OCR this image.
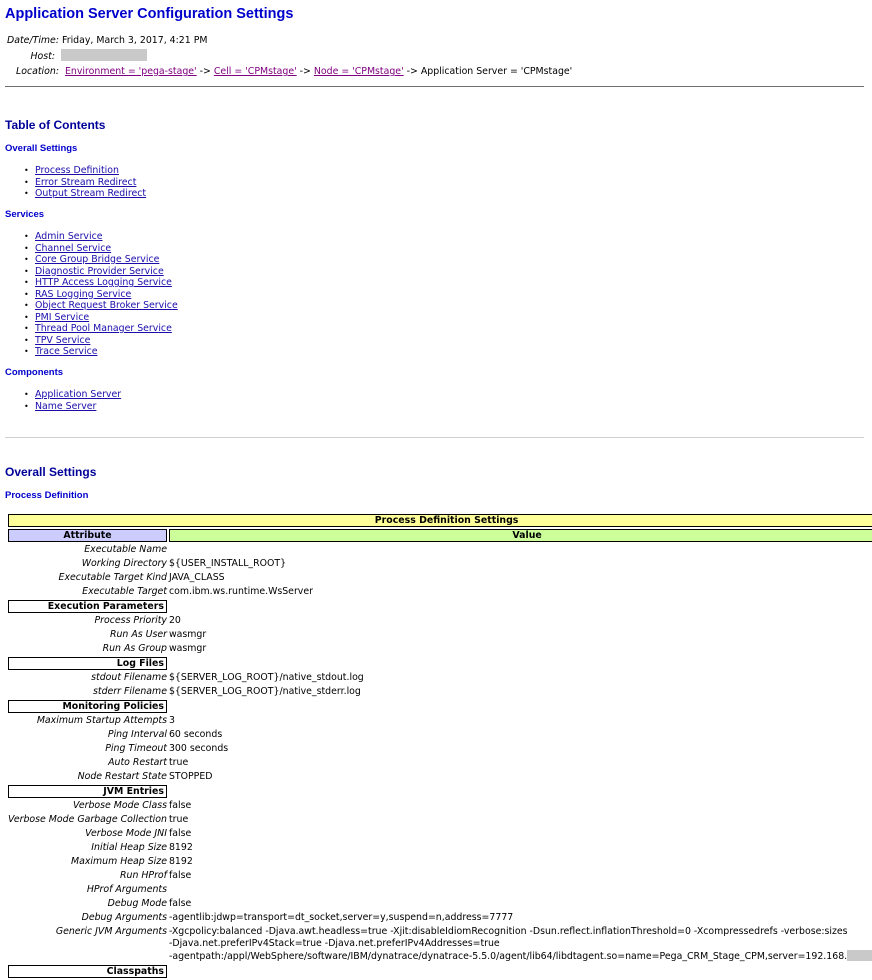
Application Server Configuration Settings
Date/Time: Friday, March 3, 2017, 4:21 PM
Host:
Location: Environment = 'pega-stage' -> Cell = 'CPMstage' -> Node = 'CPMstage' -> Application Server = 'CPMstage'
Table of Contents
Overall Settings
• Process Definition
• Error Stream Redirect
• Output Stream Redirect
Services
• Admin Service
• Channel Service
• Core Group Bridge Service
• Diagnostic Provider Service
• HTTP Access Logging Service
• RAS Logging Service
• Object Request Broker Service
• PMI Service
• Thread Pool Manager Service
• TPV Service
• Trace Service
Components
• Application Server
• Name Server
Overall Settings
Process Definition
Process Definition Settings	
Attribute	Value
Executable Name	
Working Directory	${USER_INSTALL_ROOT}
Executable Target Kind	JAVA_CLASS
Executable Target	com.ibm.ws.runtime.WsServer
Execution Parameters	
Process Priority	20
Run As User	wasmgr
Run As Group	wasmgr
Log Files	
stdout Filename	${SERVER_LOG_ROOT}/native_stdout.log
stderr Filename	${SERVER_LOG_ROOT}/native_stderr.log
Monitoring Policies	
Maximum Startup Attempts	3
Ping Interval	60 seconds
Ping Timeout	300 seconds
Auto Restart	true
Node Restart State	STOPPED
JVM Entries	
Verbose Mode Class	false
Verbose Mode Garbage Collection	true
Verbose Mode JNI	false
Initial Heap Size	8192
Maximum Heap Size	8192
Run HProf	false
HProf Arguments	
Debug Mode	false
Debug Arguments	-agentlib:jdwp=transport=dt_socket,server=y,suspend=n,address=7777
Generic JVM Arguments	-Xgcpolicy:balanced -Djava.awt.headless=true -Xjit:disableIdiomRecognition -Dsun.reflect.inflationThreshold=0 -Xcompressedrefs -verbose:sizes
-Djava.net.preferIPv4Stack=true -Djava.net.preferIPv4Addresses=true
-agentpath:/appl/WebSphere/software/IBM/dynatrace/dynatrace-5.5.0/agent/lib64/libdtagent.so=name=Pega_CRM_Stage_CPM,server=192.168.

Classpaths	
